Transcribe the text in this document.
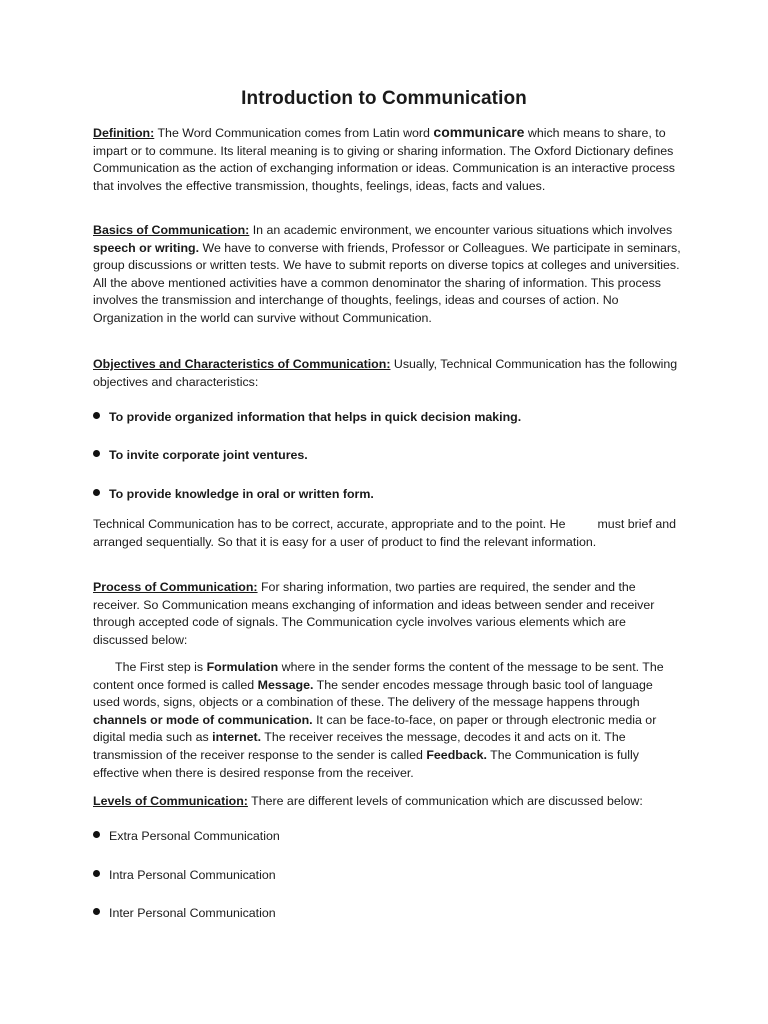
Introduction to Communication

Definition: The Word Communication comes from Latin word communicare which means to share, to impart or to commune. Its literal meaning is to giving or sharing information. The Oxford Dictionary defines Communication as the action of exchanging information or ideas. Communication is an interactive process that involves the effective transmission, thoughts, feelings, ideas, facts and values.

Basics of Communication: In an academic environment, we encounter various situations which involves speech or writing. We have to converse with friends, Professor or Colleagues. We participate in seminars, group discussions or written tests. We have to submit reports on diverse topics at colleges and universities. All the above mentioned activities have a common denominator the sharing of information. This process involves the transmission and interchange of thoughts, feelings, ideas and courses of action. No Organization in the world can survive without Communication.

Objectives and Characteristics of Communication: Usually, Technical Communication has the following objectives and characteristics:

To provide organized information that helps in quick decision making.
To invite corporate joint ventures.
To provide knowledge in oral or written form.

Technical Communication has to be correct, accurate, appropriate and to the point. He	must brief and arranged sequentially. So that it is easy for a user of product to find the relevant information.

Process of Communication: For sharing information, two parties are required, the sender and the receiver. So Communication means exchanging of information and ideas between sender and receiver through accepted code of signals. The Communication cycle involves various elements which are discussed below:

The First step is Formulation where in the sender forms the content of the message to be sent. The content once formed is called Message. The sender encodes message through basic tool of language used words, signs, objects or a combination of these. The delivery of the message happens through channels or mode of communication. It can be face-to-face, on paper or through electronic media or digital media such as internet. The receiver receives the message, decodes it and acts on it. The transmission of the receiver response to the sender is called Feedback. The Communication is fully effective when there is desired response from the receiver.

Levels of Communication: There are different levels of communication which are discussed below:

Extra Personal Communication
Intra Personal Communication
Inter Personal Communication
